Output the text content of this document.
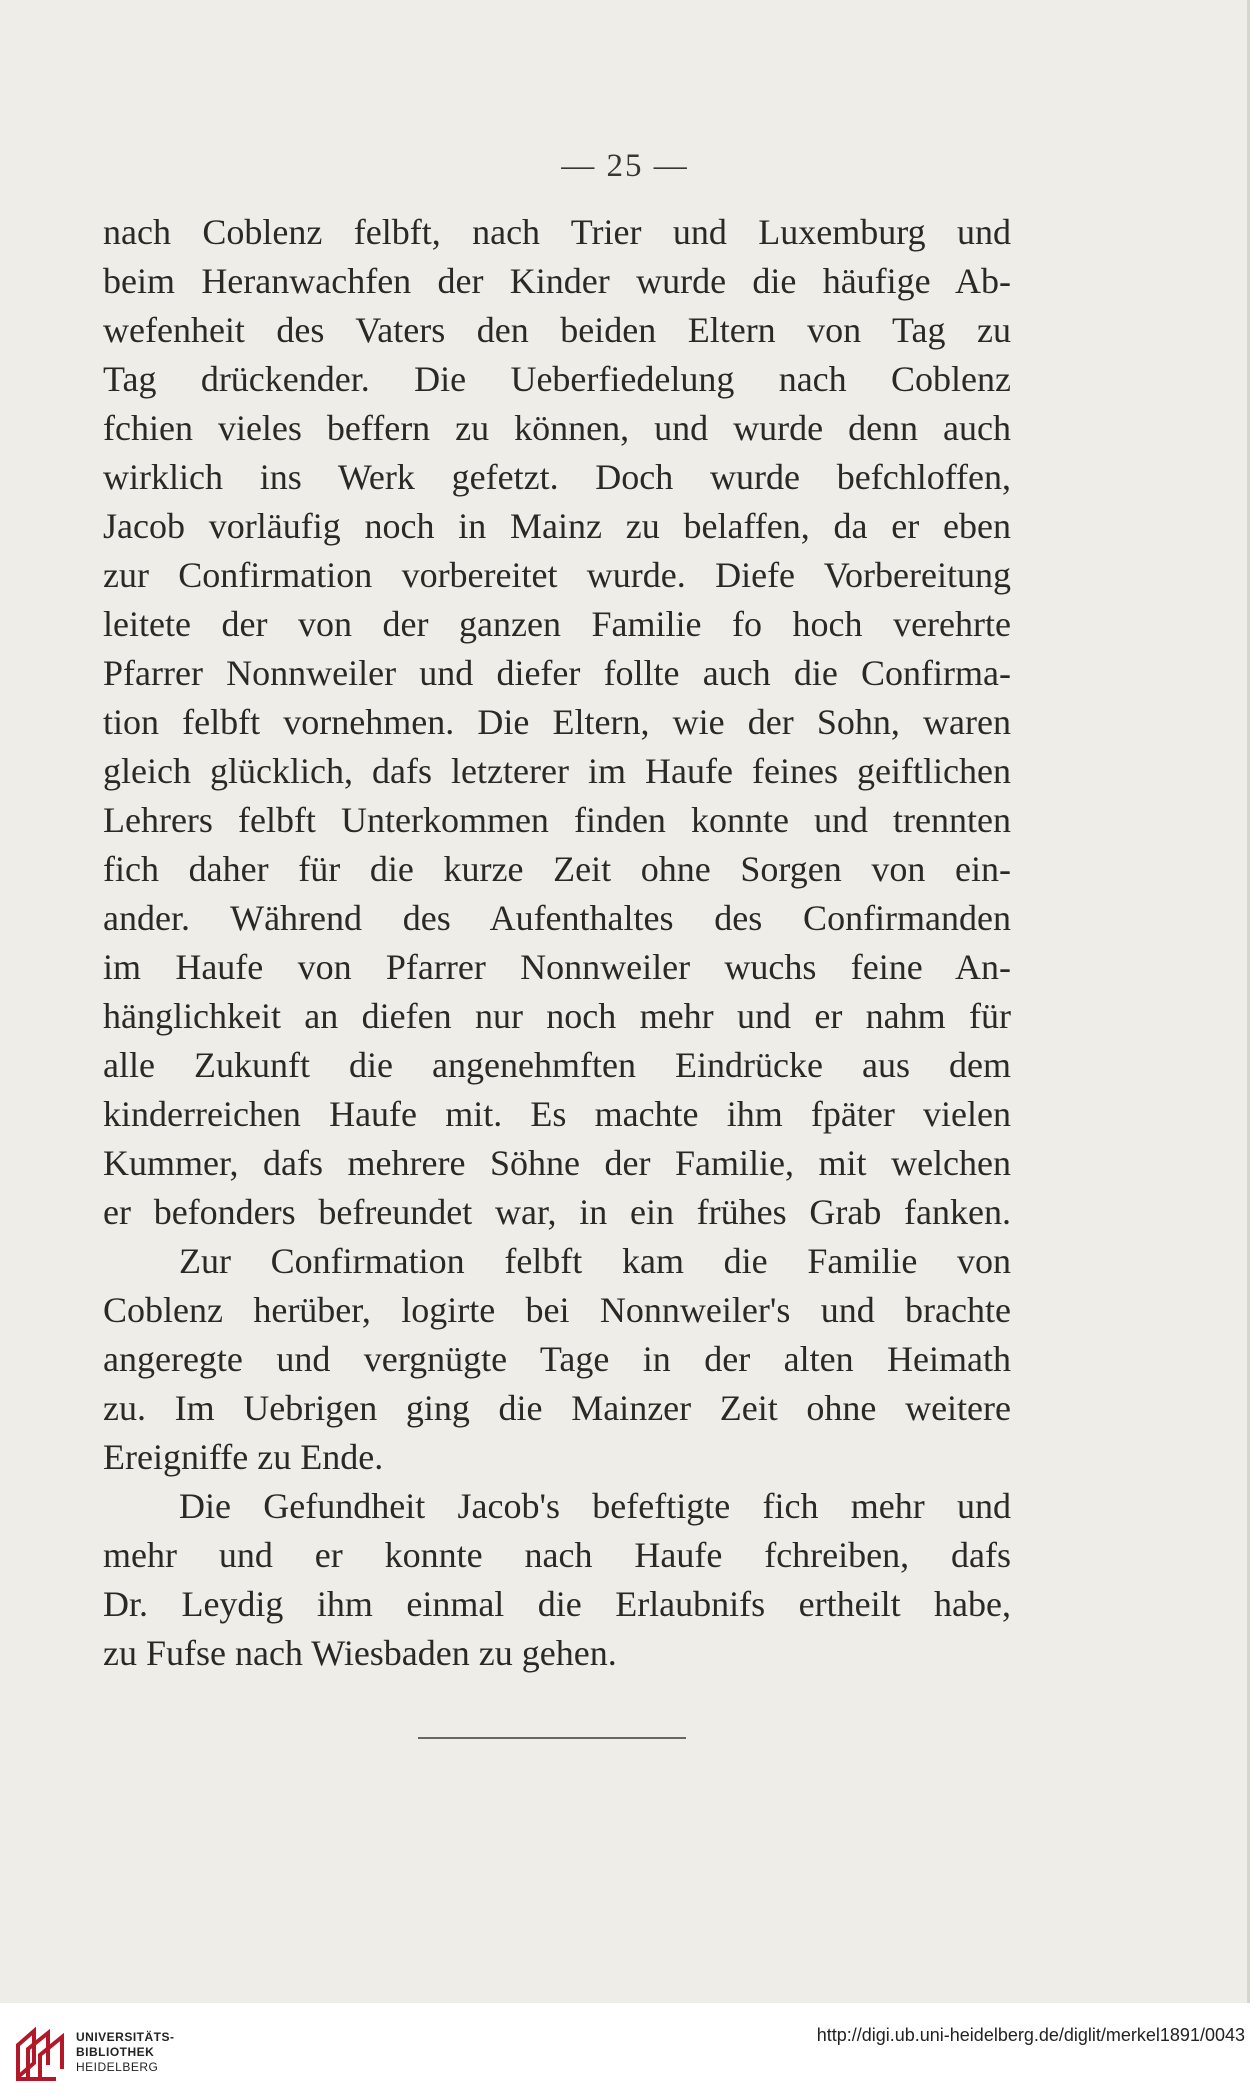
— 25 —
nach Coblenz felbft, nach Trier und Luxemburg und
beim Heranwachfen der Kinder wurde die häufige Ab-
wefenheit des Vaters den beiden Eltern von Tag zu
Tag drückender. Die Ueberfiedelung nach Coblenz
fchien vieles beffern zu können, und wurde denn auch
wirklich ins Werk gefetzt. Doch wurde befchloffen,
Jacob vorläufig noch in Mainz zu belaffen, da er eben
zur Confirmation vorbereitet wurde. Diefe Vorbereitung
leitete der von der ganzen Familie fo hoch verehrte
Pfarrer Nonnweiler und diefer follte auch die Confirma-
tion felbft vornehmen. Die Eltern, wie der Sohn, waren
gleich glücklich, dafs letzterer im Haufe feines geiftlichen
Lehrers felbft Unterkommen finden konnte und trennten
fich daher für die kurze Zeit ohne Sorgen von ein-
ander. Während des Aufenthaltes des Confirmanden
im Haufe von Pfarrer Nonnweiler wuchs feine An-
hänglichkeit an diefen nur noch mehr und er nahm für
alle Zukunft die angenehmften Eindrücke aus dem
kinderreichen Haufe mit. Es machte ihm fpäter vielen
Kummer, dafs mehrere Söhne der Familie, mit welchen
er befonders befreundet war, in ein frühes Grab fanken.
Zur Confirmation felbft kam die Familie von
Coblenz herüber, logirte bei Nonnweiler's und brachte
angeregte und vergnügte Tage in der alten Heimath
zu. Im Uebrigen ging die Mainzer Zeit ohne weitere
Ereigniffe zu Ende.
Die Gefundheit Jacob's befeftigte fich mehr und
mehr und er konnte nach Haufe fchreiben, dafs
Dr. Leydig ihm einmal die Erlaubnifs ertheilt habe,
zu Fufse nach Wiesbaden zu gehen.
UNIVERSITÄTS-
BIBLIOTHEK
HEIDELBERG
http://digi.ub.uni-heidelberg.de/diglit/merkel1891/0043
